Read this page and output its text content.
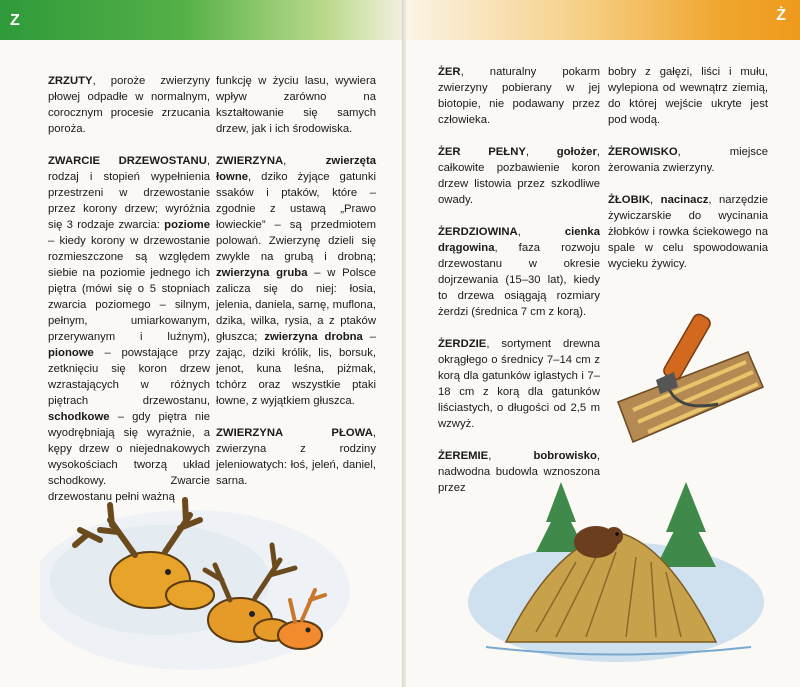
Z

ZRZUTY, poroże zwierzyny płowej odpadłe w normalnym, corocznym procesie zrzucania poroża.

ZWARCIE DRZEWOSTANU, rodzaj i stopień wypełnienia przestrzeni w drzewostanie przez korony drzew; wyróżnia się 3 rodzaje zwarcia: poziome – kiedy korony w drzewostanie rozmieszczone są względem siebie na poziomie jednego ich piętra (mówi się o 5 stopniach zwarcia poziomego – silnym, pełnym, umiarkowanym, przerywanym i luźnym), pionowe – powstające przy zetknięciu się koron drzew wzrastających w różnych piętrach drzewostanu, schodkowe – gdy piętra nie wyodrębniają się wyraźnie, a kępy drzew o niejednakowych wysokościach tworzą układ schodkowy. Zwarcie drzewostanu pełni ważną

funkcję w życiu lasu, wywiera wpływ zarówno na kształtowanie się samych drzew, jak i ich środowiska.

ZWIERZYNA, zwierzęta łowne, dziko żyjące gatunki ssaków i ptaków, które – zgodnie z ustawą „Prawo łowieckie” – są przedmiotem polowań. Zwierzynę dzieli się zwykle na grubą i drobną; zwierzyna gruba – w Polsce zalicza się do niej: łosia, jelenia, daniela, sarnę, muflona, dzika, wilka, rysia, a z ptaków głuszca; zwierzyna drobna – zając, dziki królik, lis, borsuk, jenot, kuna leśna, piżmak, tchórz oraz wszystkie ptaki łowne, z wyjątkiem głuszca.

ZWIERZYNA PŁOWA, zwierzyna z rodziny jeleniowatych: łoś, jeleń, daniel, sarna.

Ż

ŻER, naturalny pokarm zwierzyny pobierany w jej biotopie, nie podawany przez człowieka.

ŻER PEŁNY, gołożer, całkowite pozbawienie koron drzew listowia przez szkodliwe owady.

ŻERDZIOWINA, cienka drągowina, faza rozwoju drzewostanu w okresie dojrzewania (15–30 lat), kiedy to drzewa osiągają rozmiary żerdzi (średnica 7 cm z korą).

ŻERDZIE, sortyment drewna okrągłego o średnicy 7–14 cm z korą dla gatunków iglastych i 7–18 cm z korą dla gatunków liściastych, o długości od 2,5 m wzwyż.

ŻEREMIE, bobrowisko, nadwodna budowla wznoszona przez

bobry z gałęzi, liści i mułu, wylepiona od wewnątrz ziemią, do której wejście ukryte jest pod wodą.

ŻEROWISKO, miejsce żerowania zwierzyny.

ŻŁOBIK, nacinacz, narzędzie żywiczarskie do wycinania żłobków i rowka ściekowego na spale w celu spowodowania wycieku żywicy.
